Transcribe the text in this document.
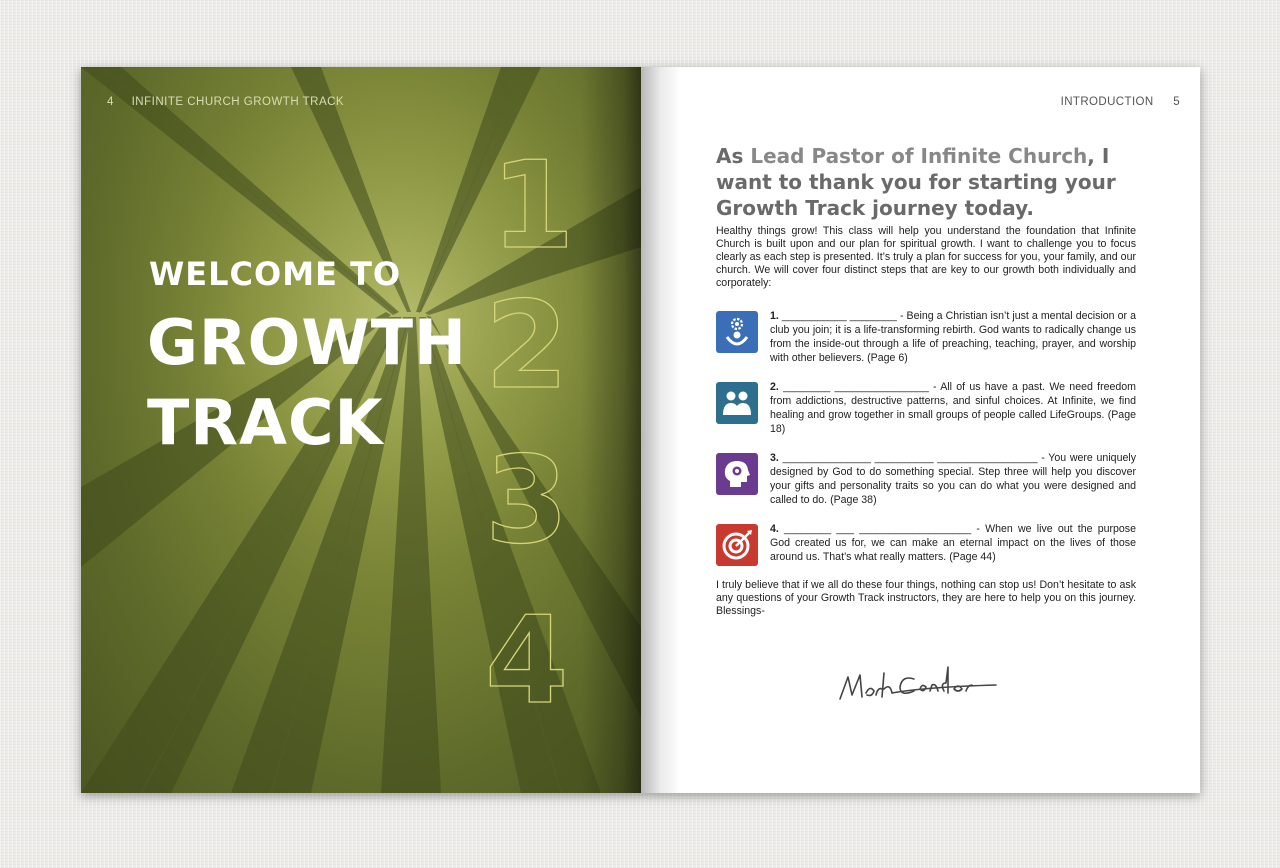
4 INFINITE CHURCH GROWTH TRACK
WELCOME TO
GROWTH
TRACK
1
2
3
4
INTRODUCTION 5
As Lead Pastor of Infinite Church, I want to thank you for starting your Growth Track journey today.
Healthy things grow! This class will help you understand the foundation that Infinite Church is built upon and our plan for spiritual growth. I want to challenge you to focus clearly as each step is presented. It’s truly a plan for success for you, your family, and our church. We will cover four distinct steps that are key to our growth both individually and corporately:
1. ___________ ________ - Being a Christian isn’t just a mental decision or a club you join; it is a life-transforming rebirth. God wants to radically change us from the inside-out through a life of preaching, teaching, prayer, and worship with other believers. (Page 6)
2. ________ ________________ - All of us have a past. We need freedom from addictions, destructive patterns, and sinful choices. At Infinite, we find healing and grow together in small groups of people called LifeGroups. (Page 18)
3. _______________ __________ _________________ - You were uniquely designed by God to do something special. Step three will help you discover your gifts and personality traits so you can do what you were designed and called to do. (Page 38)
4. ________ ___ ___________________ - When we live out the purpose God created us for, we can make an eternal impact on the lives of those around us. That’s what really matters. (Page 44)
I truly believe that if we all do these four things, nothing can stop us! Don’t hesitate to ask any questions of your Growth Track instructors, they are here to help you on this journey. Blessings-
